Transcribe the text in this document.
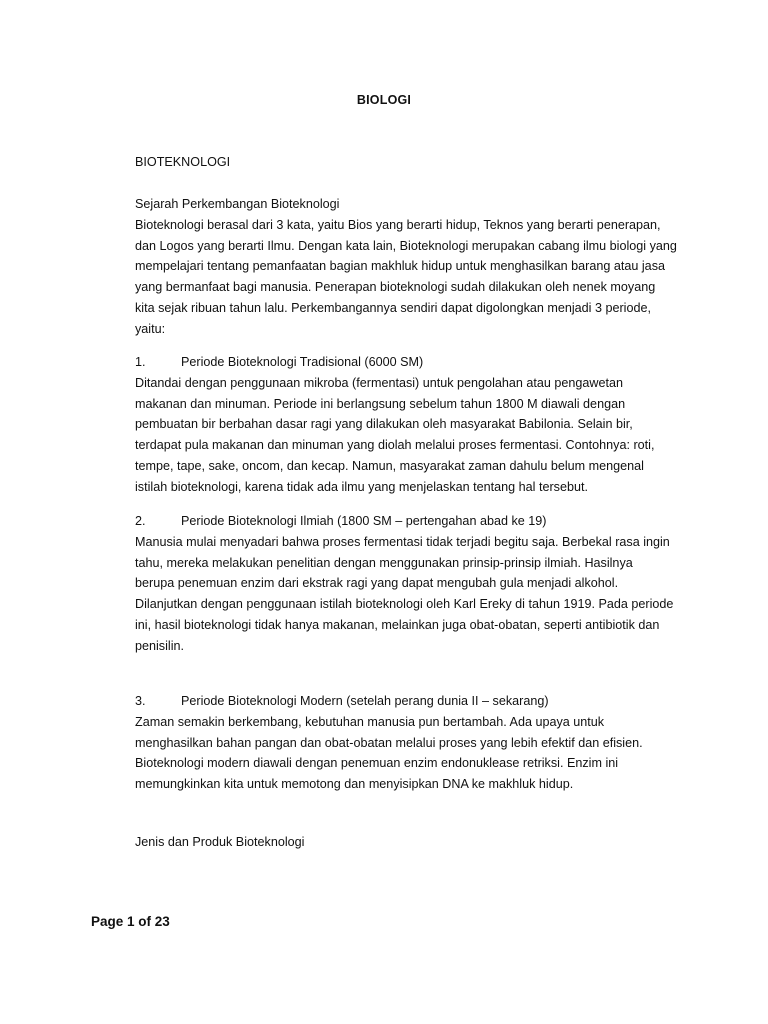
BIOLOGI
BIOTEKNOLOGI
Sejarah Perkembangan Bioteknologi
Bioteknologi berasal dari 3 kata, yaitu Bios yang berarti hidup, Teknos yang berarti penerapan,
dan Logos yang berarti Ilmu. Dengan kata lain, Bioteknologi merupakan cabang ilmu biologi yang
mempelajari tentang pemanfaatan bagian makhluk hidup untuk menghasilkan barang atau jasa
yang bermanfaat bagi manusia. Penerapan bioteknologi sudah dilakukan oleh nenek moyang
kita sejak ribuan tahun lalu. Perkembangannya sendiri dapat digolongkan menjadi 3 periode,
yaitu:
1.	Periode Bioteknologi Tradisional (6000 SM)
Ditandai dengan penggunaan mikroba (fermentasi) untuk pengolahan atau pengawetan
makanan dan minuman. Periode ini berlangsung sebelum tahun 1800 M diawali dengan
pembuatan bir berbahan dasar ragi yang dilakukan oleh masyarakat Babilonia. Selain bir,
terdapat pula makanan dan minuman yang diolah melalui proses fermentasi. Contohnya: roti,
tempe, tape, sake, oncom, dan kecap. Namun, masyarakat zaman dahulu belum mengenal
istilah bioteknologi, karena tidak ada ilmu yang menjelaskan tentang hal tersebut.
2.	Periode Bioteknologi Ilmiah (1800 SM – pertengahan abad ke 19)
Manusia mulai menyadari bahwa proses fermentasi tidak terjadi begitu saja. Berbekal rasa ingin
tahu, mereka melakukan penelitian dengan menggunakan prinsip-prinsip ilmiah. Hasilnya
berupa penemuan enzim dari ekstrak ragi yang dapat mengubah gula menjadi alkohol.
Dilanjutkan dengan penggunaan istilah bioteknologi oleh Karl Ereky di tahun 1919. Pada periode
ini, hasil bioteknologi tidak hanya makanan, melainkan juga obat-obatan, seperti antibiotik dan
penisilin.
3.	Periode Bioteknologi Modern (setelah perang dunia II – sekarang)
Zaman semakin berkembang, kebutuhan manusia pun bertambah. Ada upaya untuk
menghasilkan bahan pangan dan obat-obatan melalui proses yang lebih efektif dan efisien.
Bioteknologi modern diawali dengan penemuan enzim endonuklease retriksi. Enzim ini
memungkinkan kita untuk memotong dan menyisipkan DNA ke makhluk hidup.
Jenis dan Produk Bioteknologi
Page 1 of 23
